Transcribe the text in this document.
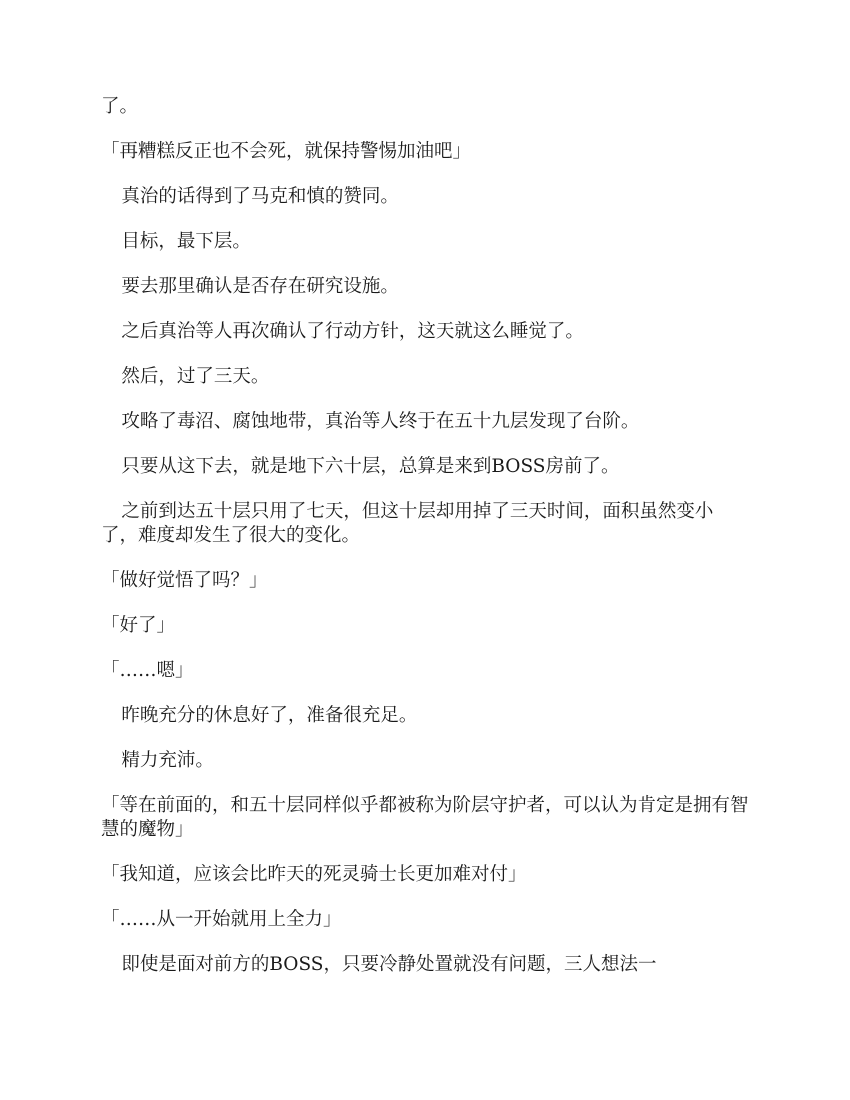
了。

「再糟糕反正也不会死，就保持警惕加油吧」

真治的话得到了马克和慎的赞同。

目标，最下层。

要去那里确认是否存在研究设施。

之后真治等人再次确认了行动方针，这天就这么睡觉了。

然后，过了三天。

攻略了毒沼、腐蚀地带，真治等人终于在五十九层发现了台阶。

只要从这下去，就是地下六十层，总算是来到BOSS房前了。

之前到达五十层只用了七天，但这十层却用掉了三天时间，面积虽然变小了，难度却发生了很大的变化。

「做好觉悟了吗？」

「好了」

「……嗯」

昨晚充分的休息好了，准备很充足。

精力充沛。

「等在前面的，和五十层同样似乎都被称为阶层守护者，可以认为肯定是拥有智慧的魔物」

「我知道，应该会比昨天的死灵骑士长更加难对付」

「……从一开始就用上全力」

即使是面对前方的BOSS，只要冷静处置就没有问题，三人想法一
